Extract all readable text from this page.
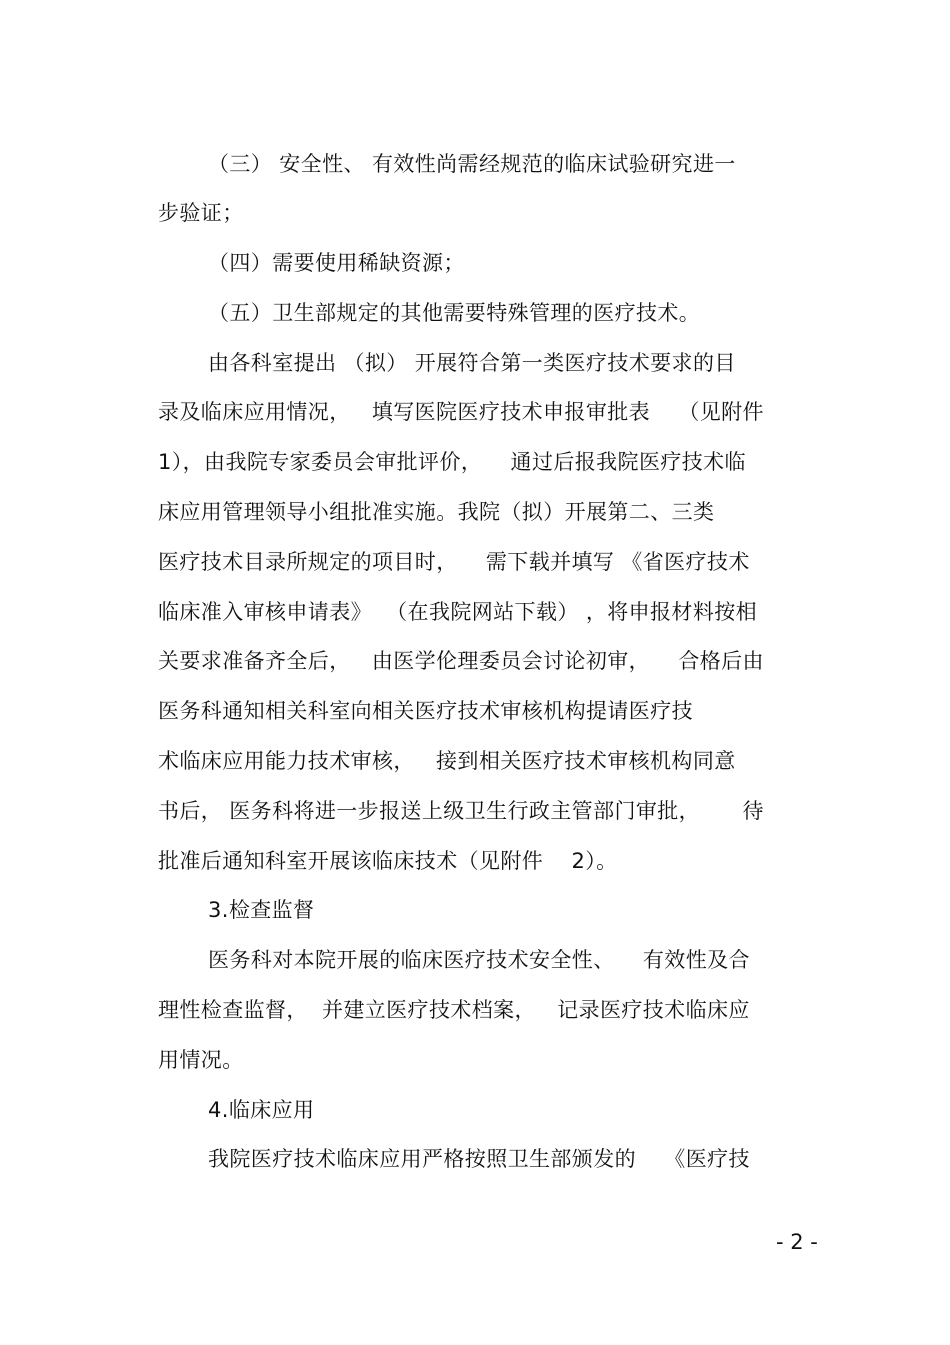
（三） 安全性、 有效性尚需经规范的临床试验研究进一
步验证；
（四）需要使用稀缺资源；
（五）卫生部规定的其他需要特殊管理的医疗技术。
由各科室提出 （拟） 开展符合第一类医疗技术要求的目
录及临床应用情况，   填写医院医疗技术申报审批表    （见附件
1），由我院专家委员会审批评价，    通过后报我院医疗技术临
床应用管理领导小组批准实施。我院（拟）开展第二、三类
医疗技术目录所规定的项目时，    需下载并填写 《省医疗技术
临床准入审核申请表》  （在我院网站下载） ，将申报材料按相
关要求准备齐全后，   由医学伦理委员会讨论初审，    合格后由
医务科通知相关科室向相关医疗技术审核机构提请医疗技
术临床应用能力技术审核，   接到相关医疗技术审核机构同意
书后， 医务科将进一步报送上级卫生行政主管部门审批，      待
批准后通知科室开展该临床技术（见附件    2）。
3.检查监督
医务科对本院开展的临床医疗技术安全性、    有效性及合
理性检查监督，  并建立医疗技术档案，   记录医疗技术临床应
用情况。
4.临床应用
我院医疗技术临床应用严格按照卫生部颁发的    《医疗技
- 2 -
